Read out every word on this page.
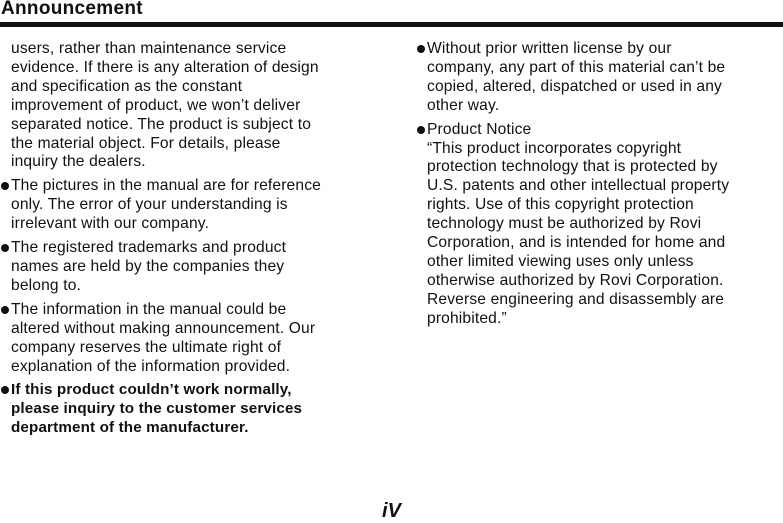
Announcement

users, rather than maintenance service
evidence. If there is any alteration of design
and specification as the constant
improvement of product, we won’t deliver
separated notice. The product is subject to
the material object. For details, please
inquiry the dealers.

The pictures in the manual are for reference
only. The error of your understanding is
irrelevant with our company.

The registered trademarks and product
names are held by the companies they
belong to.

The information in the manual could be
altered without making announcement. Our
company reserves the ultimate right of
explanation of the information provided.

If this product couldn’t work normally,
please inquiry to the customer services
department of the manufacturer.

Without prior written license by our
company, any part of this material can’t be
copied, altered, dispatched or used in any
other way.

Product Notice
“This product incorporates copyright
protection technology that is protected by
U.S. patents and other intellectual property
rights. Use of this copyright protection
technology must be authorized by Rovi
Corporation, and is intended for home and
other limited viewing uses only unless
otherwise authorized by Rovi Corporation.
Reverse engineering and disassembly are
prohibited.”

iV
